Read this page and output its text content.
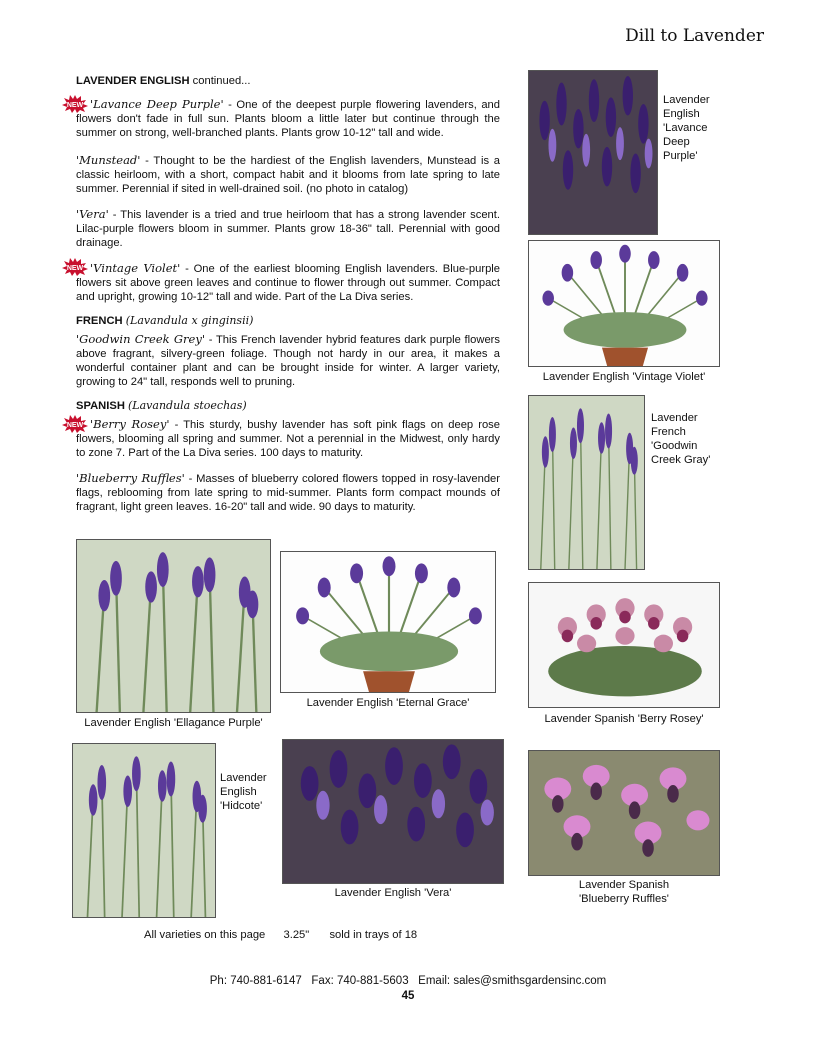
Dill to Lavender
LAVENDER ENGLISH continued...
'Lavance Deep Purple' - One of the deepest purple flowering lavenders, and flowers don't fade in full sun. Plants bloom a little later but continue through the summer on strong, well-branched plants. Plants grow 10-12" tall and wide.
'Munstead' - Thought to be the hardiest of the English lavenders, Munstead is a classic heirloom, with a short, compact habit and it blooms from late spring to late summer. Perennial if sited in well-drained soil. (no photo in catalog)
'Vera' - This lavender is a tried and true heirloom that has a strong lavender scent. Lilac-purple flowers bloom in summer. Plants grow 18-36" tall. Perennial with good drainage.
'Vintage Violet' - One of the earliest blooming English lavenders. Blue-purple flowers sit above green leaves and continue to flower through out summer. Compact and upright, growing 10-12" tall and wide. Part of the La Diva series.
FRENCH (Lavandula x ginginsii)
'Goodwin Creek Grey' - This French lavender hybrid features dark purple flowers above fragrant, silvery-green foliage. Though not hardy in our area, it makes a wonderful container plant and can be brought inside for winter. A larger variety, growing to 24" tall, responds well to pruning.
SPANISH (Lavandula stoechas)
'Berry Rosey' - This sturdy, bushy lavender has soft pink flags on deep rose flowers, blooming all spring and summer. Not a perennial in the Midwest, only hardy to zone 7. Part of the La Diva series. 100 days to maturity.
'Blueberry Ruffles' - Masses of blueberry colored flowers topped in rosy-lavender flags, reblooming from late spring to mid-summer. Plants form compact mounds of fragrant, light green leaves. 16-20" tall and wide. 90 days to maturity.
Lavender
English
'Lavance
Deep
Purple'
Lavender English 'Vintage Violet'
Lavender
French
'Goodwin
Creek Gray'
Lavender Spanish 'Berry Rosey'
Lavender Spanish
'Blueberry Ruffles'
Lavender English 'Ellagance Purple'
Lavender English 'Eternal Grace'
Lavender
English
'Hidcote'
Lavender English 'Vera'
All varieties on this page 3.25" sold in trays of 18
Ph: 740-881-6147   Fax: 740-881-5603   Email: sales@smithsgardensinc.com
45
